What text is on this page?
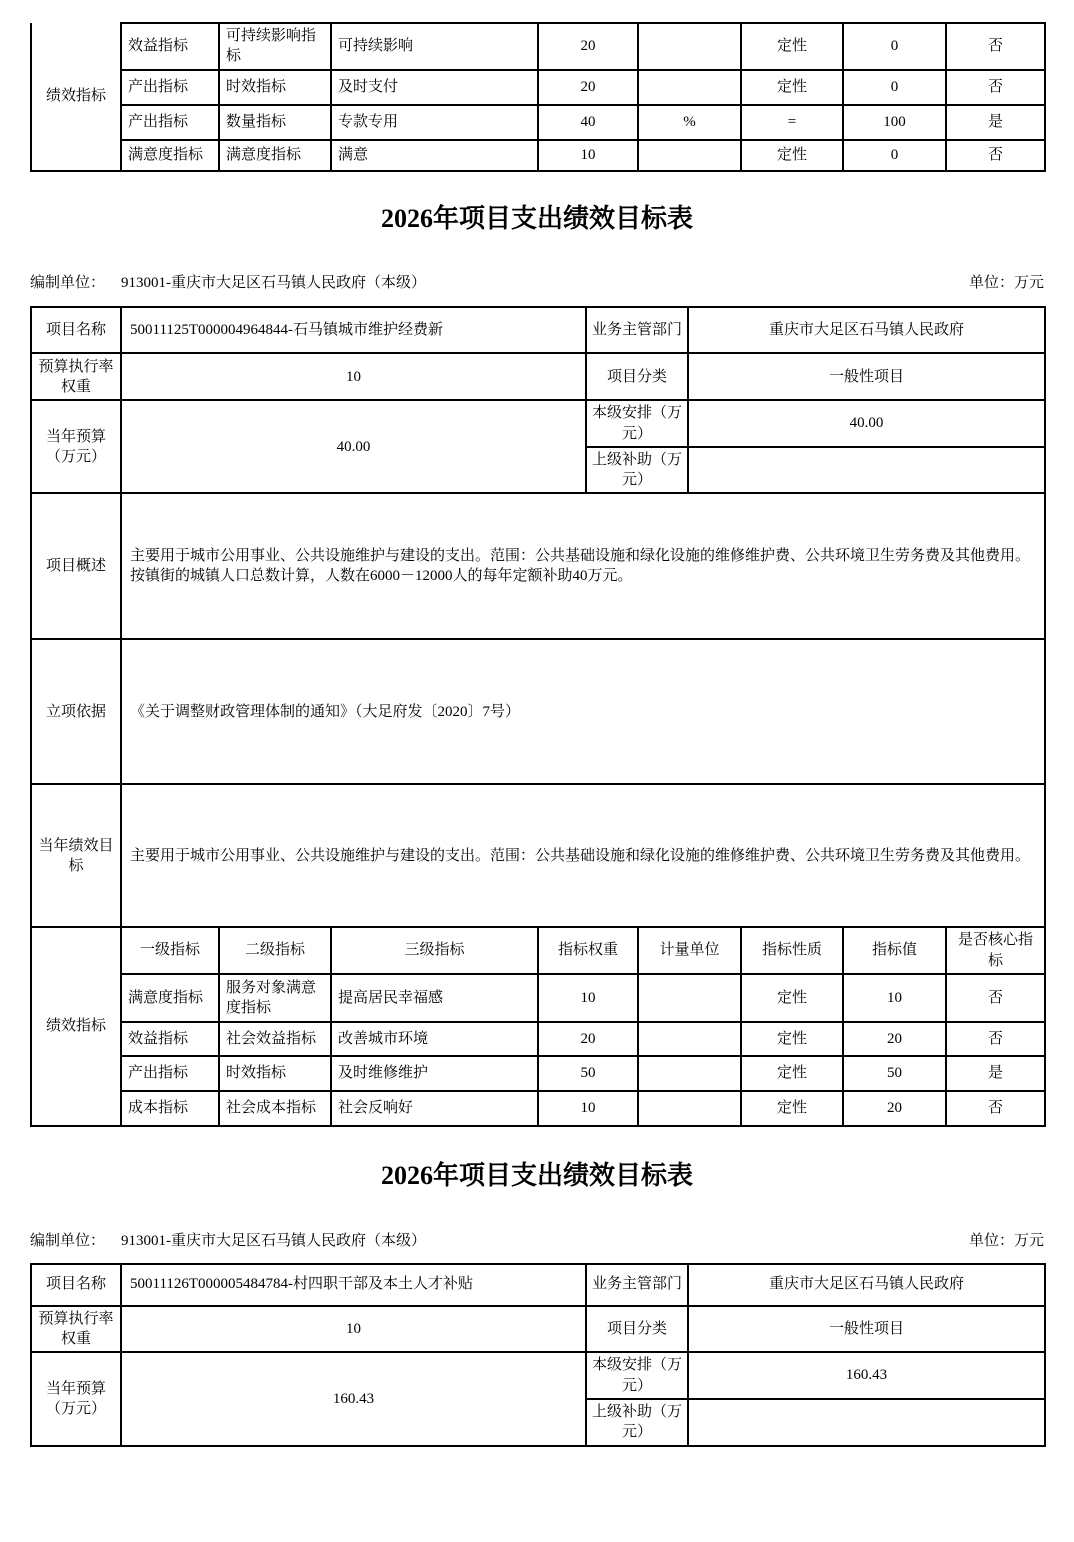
绩效指标	效益指标	可持续影响指标	可持续影响	20		定性	0	否
	产出指标	时效指标	及时支付	20		定性	0	否
	产出指标	数量指标	专款专用	40	%	=	100	是
	满意度指标	满意度指标	满意	10		定性	0	否
2026年项目支出绩效目标表
编制单位： 913001-重庆市大足区石马镇人民政府（本级）	单位：万元
项目名称	50011125T000004964844-石马镇城市维护经费新	业务主管部门	重庆市大足区石马镇人民政府
预算执行率权重	10	项目分类	一般性项目
当年预算（万元）	40.00	本级安排（万元）	40.00
		上级补助（万元）	
项目概述	主要用于城市公用事业、公共设施维护与建设的支出。范围：公共基础设施和绿化设施的维修维护费、公共环境卫生劳务费及其他费用。按镇街的城镇人口总数计算，人数在6000－12000人的每年定额补助40万元。		
立项依据	《关于调整财政管理体制的通知》（大足府发〔2020〕7号）		
当年绩效目标	主要用于城市公用事业、公共设施维护与建设的支出。范围：公共基础设施和绿化设施的维修维护费、公共环境卫生劳务费及其他费用。		
绩效指标	一级指标	二级指标	三级指标	指标权重	计量单位	指标性质	指标值	是否核心指标
	满意度指标	服务对象满意度指标	提高居民幸福感	10		定性	10	否
	效益指标	社会效益指标	改善城市环境	20		定性	20	否
	产出指标	时效指标	及时维修维护	50		定性	50	是
	成本指标	社会成本指标	社会反响好	10		定性	20	否
2026年项目支出绩效目标表
编制单位： 913001-重庆市大足区石马镇人民政府（本级）	单位：万元
项目名称	50011126T000005484784-村四职干部及本土人才补贴	业务主管部门	重庆市大足区石马镇人民政府
预算执行率权重	10	项目分类	一般性项目
当年预算（万元）	160.43	本级安排（万元）	160.43
		上级补助（万元）	
